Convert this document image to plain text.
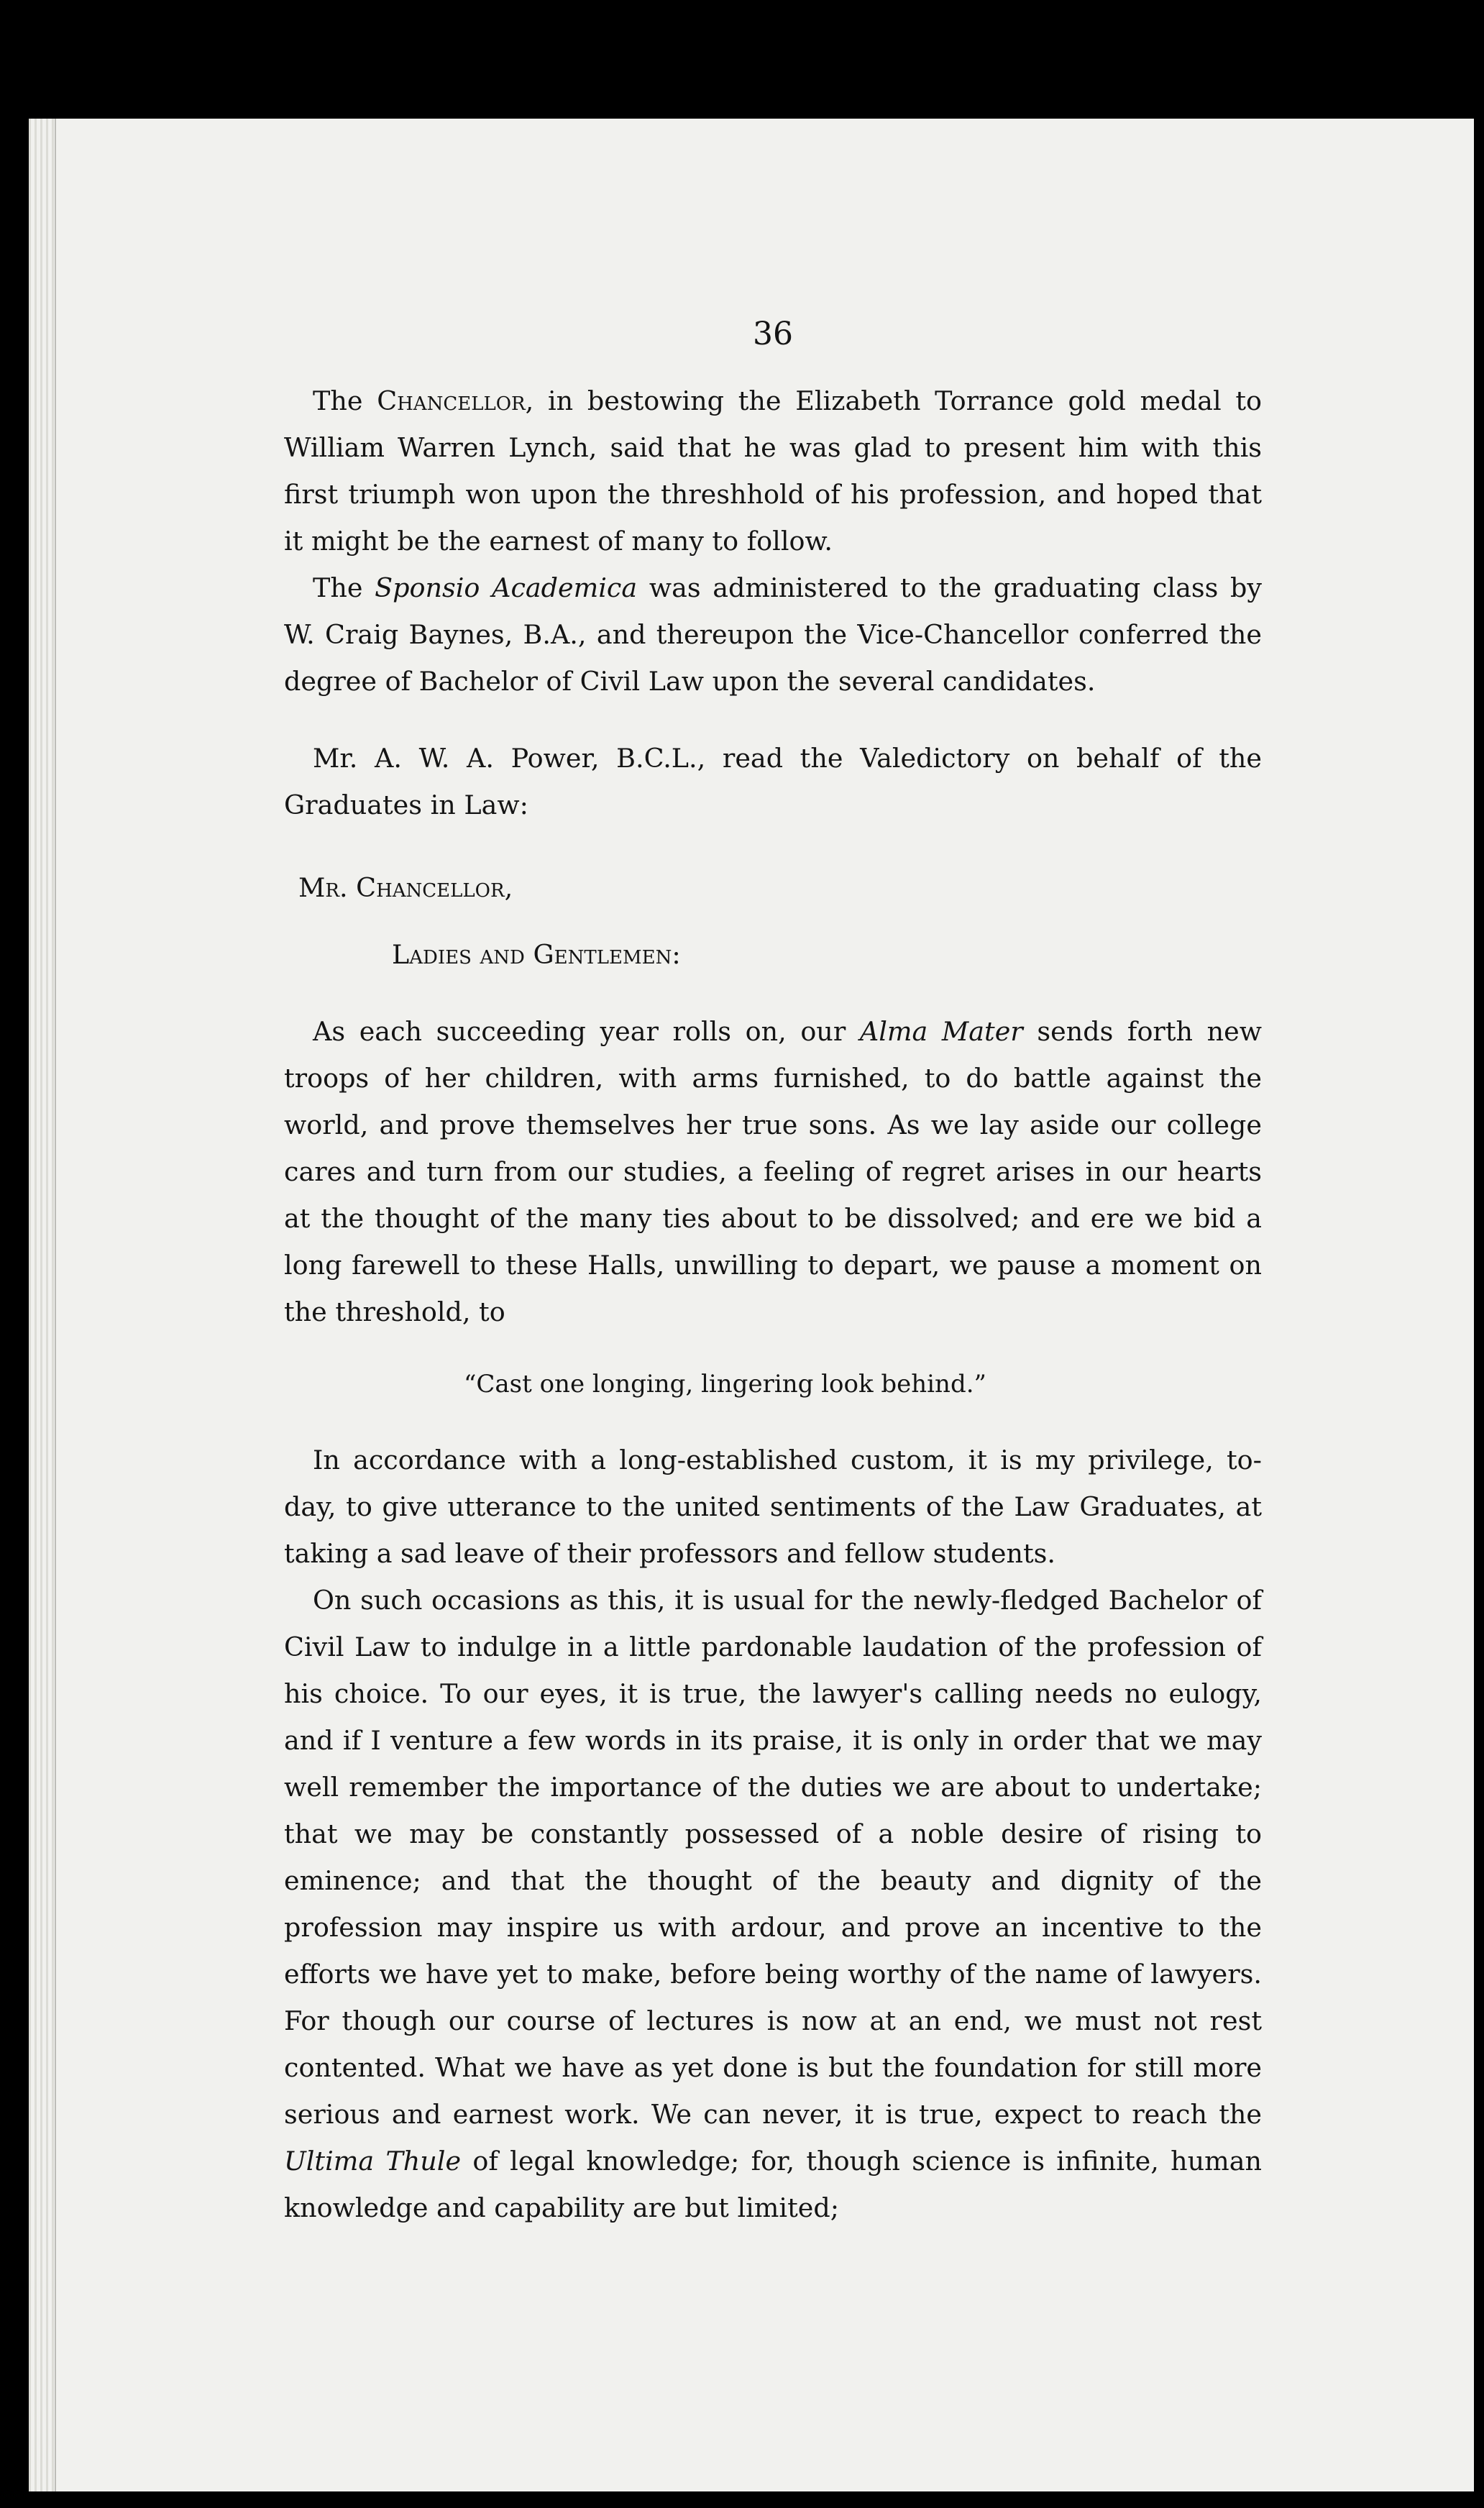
36

The Chancellor, in bestowing the Elizabeth Torrance gold medal to William Warren Lynch, said that he was glad to present him with this first triumph won upon the threshhold of his profession, and hoped that it might be the earnest of many to follow.

The Sponsio Academica was administered to the graduating class by W. Craig Baynes, B.A., and thereupon the Vice-Chancellor conferred the degree of Bachelor of Civil Law upon the several candidates.

Mr. A. W. A. Power, B.C.L., read the Valedictory on behalf of the Graduates in Law:

Mr. Chancellor,

Ladies and Gentlemen:

As each succeeding year rolls on, our Alma Mater sends forth new troops of her children, with arms furnished, to do battle against the world, and prove themselves her true sons. As we lay aside our college cares and turn from our studies, a feeling of regret arises in our hearts at the thought of the many ties about to be dissolved; and ere we bid a long farewell to these Halls, unwilling to depart, we pause a moment on the threshold, to

“Cast one longing, lingering look behind.”

In accordance with a long-established custom, it is my privilege, to-day, to give utterance to the united sentiments of the Law Graduates, at taking a sad leave of their professors and fellow students.

On such occasions as this, it is usual for the newly-fledged Bachelor of Civil Law to indulge in a little pardonable laudation of the profession of his choice. To our eyes, it is true, the lawyer's calling needs no eulogy, and if I venture a few words in its praise, it is only in order that we may well remember the importance of the duties we are about to undertake; that we may be constantly possessed of a noble desire of rising to eminence; and that the thought of the beauty and dignity of the profession may inspire us with ardour, and prove an incentive to the efforts we have yet to make, before being worthy of the name of lawyers. For though our course of lectures is now at an end, we must not rest contented. What we have as yet done is but the foundation for still more serious and earnest work. We can never, it is true, expect to reach the Ultima Thule of legal knowledge; for, though science is infinite, human knowledge and capability are but limited;
